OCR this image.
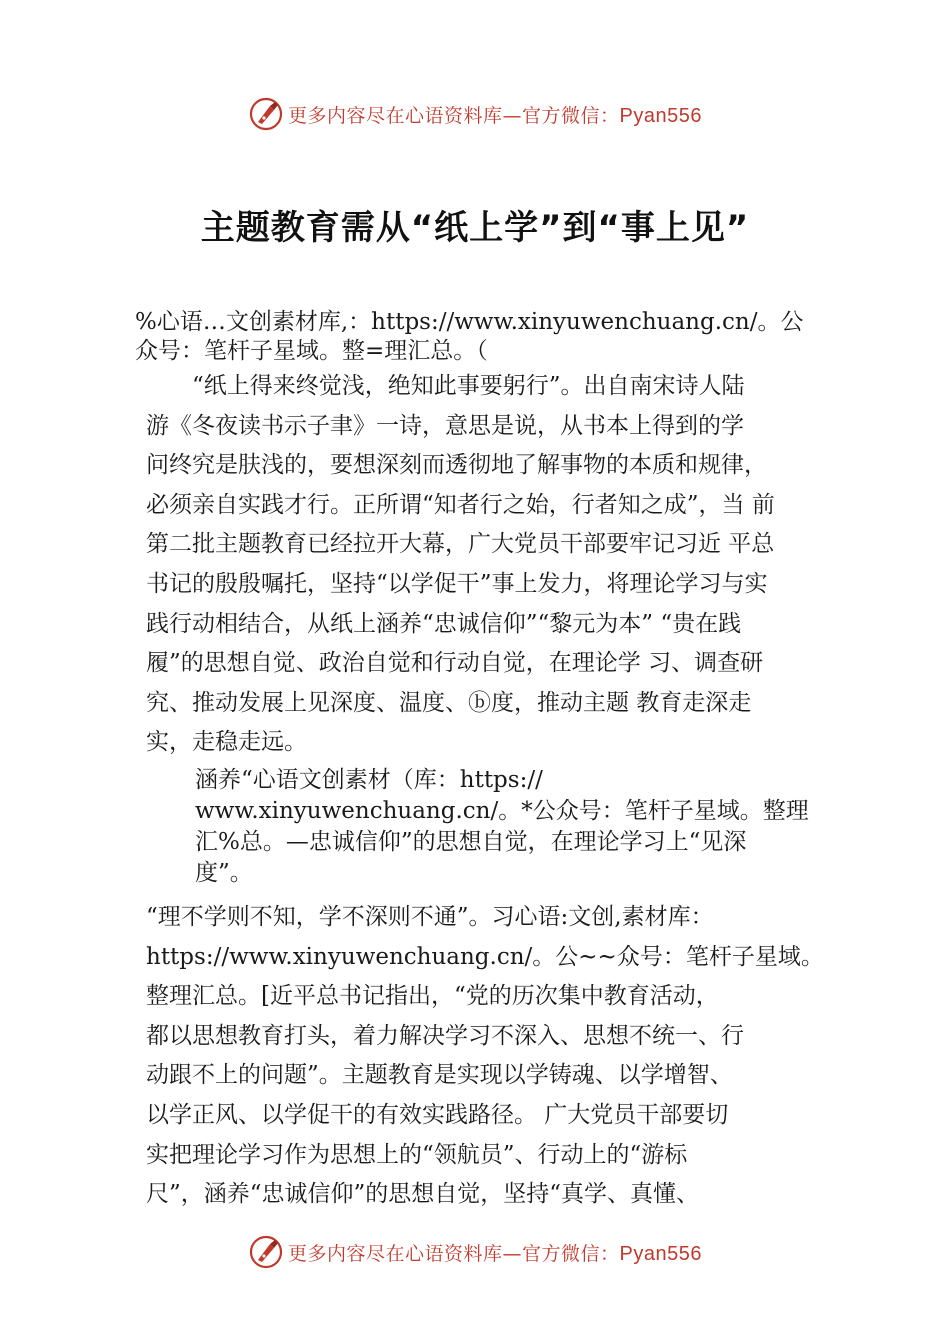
更多内容尽在心语资料库—官方微信：Pyan556
主题教育需从“纸上学”到“事上见”

%心语…文创素材库,：https://www.xinyuwenchuang.cn/。公
众号：笔杆子星域。整=理汇总。（

“纸上得来终觉浅，绝知此事要躬行”。出自南宋诗人陆
游《冬夜读书示子聿》一诗，意思是说，从书本上得到的学
问终究是肤浅的，要想深刻而透彻地了解事物的本质和规律，
必须亲自实践才行。正所谓“知者行之始，行者知之成”，当 前
第二批主题教育已经拉开大幕，广大党员干部要牢记习近 平总
书记的殷殷嘱托，坚持“以学促干”事上发力，将理论学习与实
践行动相结合，从纸上涵养“忠诚信仰”“黎元为本” “贵在践
履”的思想自觉、政治自觉和行动自觉，在理论学 习、调查研
究、推动发展上见深度、温度、ⓑ度，推动主题 教育走深走
实，走稳走远。

涵养“心语文创素材（库：https://
www.xinyuwenchuang.cn/。*公众号：笔杆子星域。整理
汇%总。—忠诚信仰”的思想自觉，在理论学习上“见深
度”。

“理不学则不知，学不深则不通”。习心语:文创,素材库：
https://www.xinyuwenchuang.cn/。公~~众号：笔杆子星域。
整理汇总。[近平总书记指出，“党的历次集中教育活动，
都以思想教育打头，着力解决学习不深入、思想不统一、行
动跟不上的问题”。主题教育是实现以学铸魂、以学增智、
以学正风、以学促干的有效实践路径。 广大党员干部要切
实把理论学习作为思想上的“领航员”、行动上的“游标
尺”，涵养“忠诚信仰”的思想自觉，坚持“真学、真懂、

更多内容尽在心语资料库—官方微信：Pyan556
